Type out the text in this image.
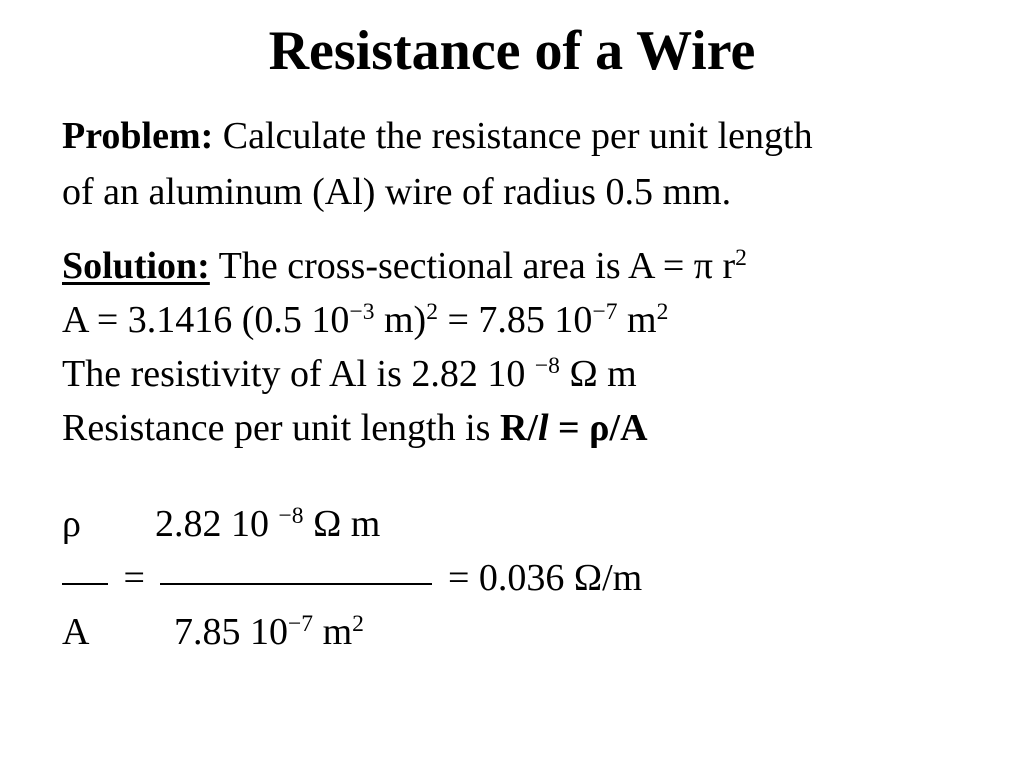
Resistance of a Wire
Problem: Calculate the resistance per unit length
of an aluminum (Al) wire of radius 0.5 mm.
Solution: The cross-sectional area is A = π $r^2$
A = 3.1416 (0.5 $10^{-3}$ m)$^2$ = 7.85 $10^{-7}$ $m^2$
The resistivity of Al is 2.82 10 $^{-8}$ Ω m
Resistance per unit length is R/l = ρ/A
ρ 2.82 10 $^{-8}$ Ω m
=	= 0.036 Ω/m
A 7.85 $10^{-7}$ $m^2$
